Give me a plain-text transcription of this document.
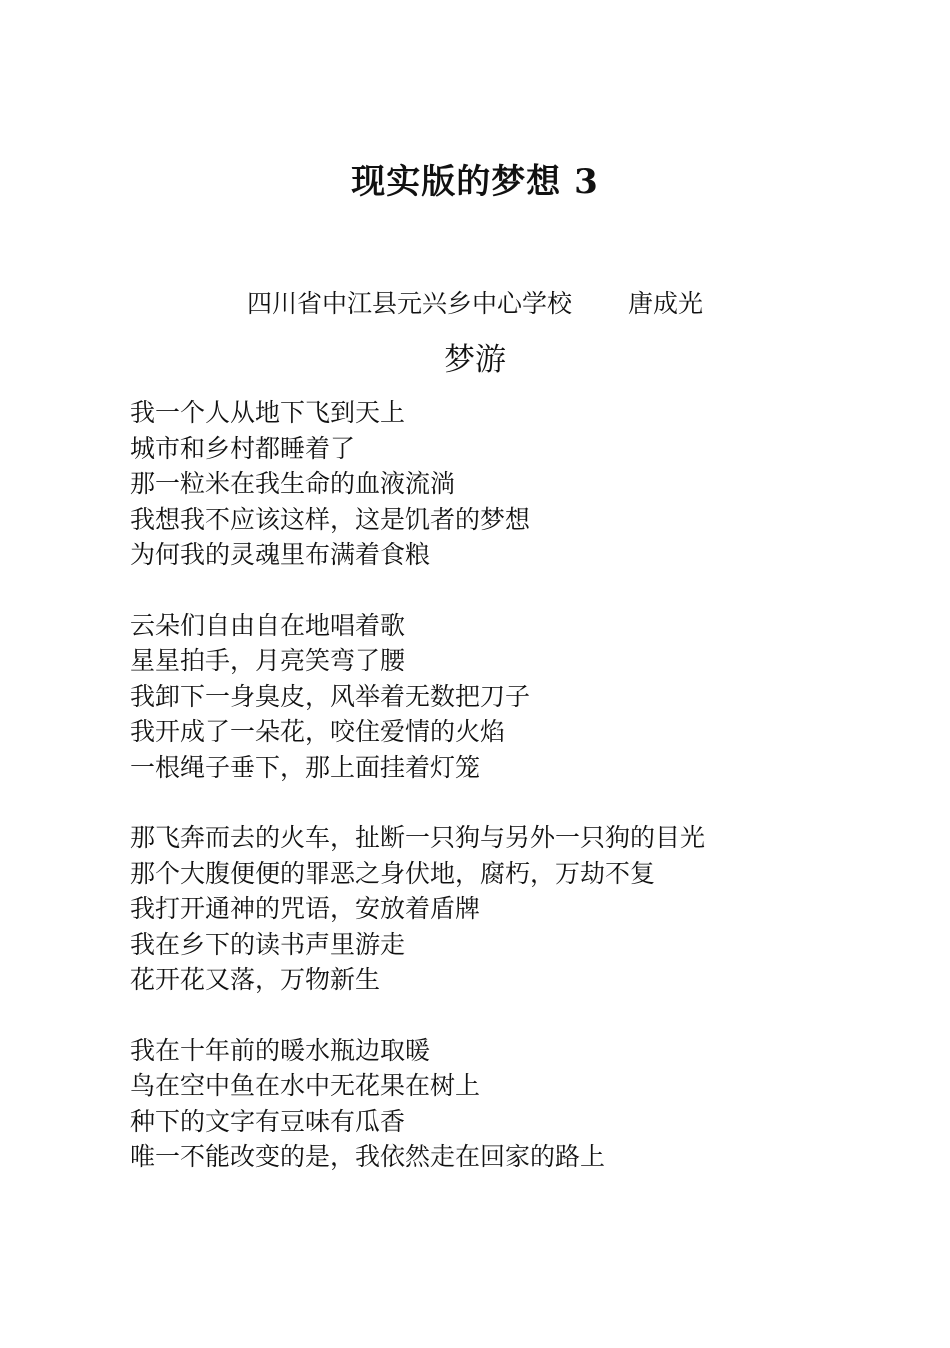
现实版的梦想 3
四川省中江县元兴乡中心学校 唐成光
梦游
我一个人从地下飞到天上
城市和乡村都睡着了
那一粒米在我生命的血液流淌
我想我不应该这样，这是饥者的梦想
为何我的灵魂里布满着食粮
云朵们自由自在地唱着歌
星星拍手，月亮笑弯了腰
我卸下一身臭皮，风举着无数把刀子
我开成了一朵花，咬住爱情的火焰
一根绳子垂下，那上面挂着灯笼
那飞奔而去的火车，扯断一只狗与另外一只狗的目光
那个大腹便便的罪恶之身伏地，腐朽，万劫不复
我打开通神的咒语，安放着盾牌
我在乡下的读书声里游走
花开花又落，万物新生
我在十年前的暖水瓶边取暖
鸟在空中鱼在水中无花果在树上
种下的文字有豆味有瓜香
唯一不能改变的是，我依然走在回家的路上
